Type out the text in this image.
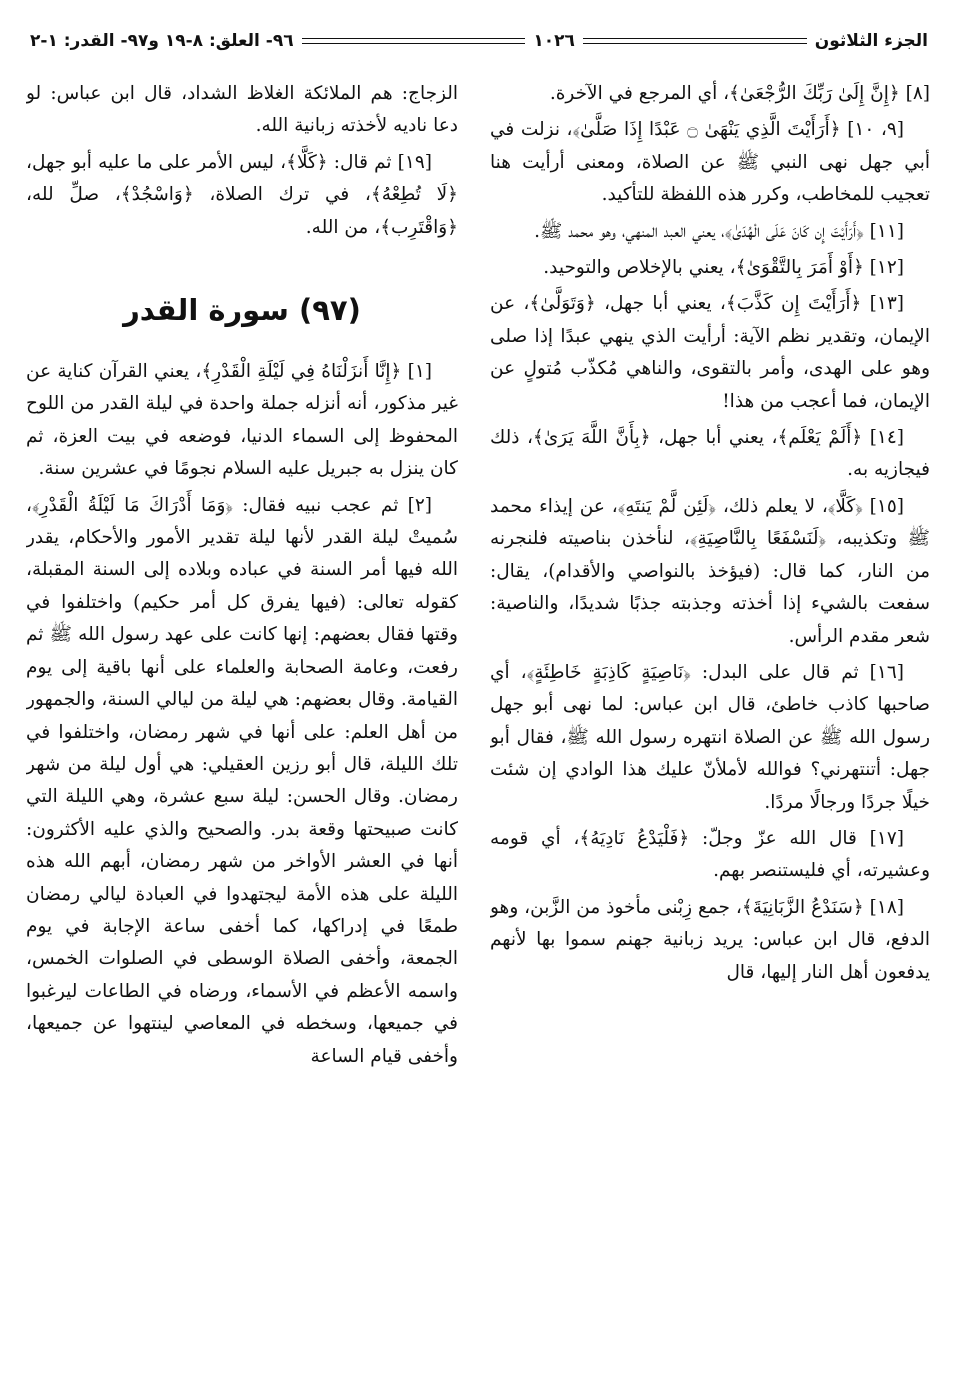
الجزء الثلاثون
١٠٢٦
٩٦- العلق: ٨-١٩ و٩٧- القدر: ١-٢

[٨] ﴿إِنَّ إِلَىٰ رَبِّكَ الرُّجْعَىٰ﴾، أي المرجع في الآخرة.

[٩، ١٠] ﴿أَرَأَيْتَ الَّذِي يَنْهَىٰ ۝ عَبْدًا إِذَا صَلَّىٰ﴾، نزلت في أبي جهل نهى النبي ﷺ عن الصلاة، ومعنى أرأيت هنا تعجيب للمخاطب، وكرر هذه اللفظة للتأكيد.

[١١] ﴿أَرَأَيْتَ إِن كَانَ عَلَى الْهُدَىٰ﴾، يعني العبد المنهي، وهو محمد ﷺ.

[١٢] ﴿أَوْ أَمَرَ بِالتَّقْوَىٰ﴾، يعني بالإخلاص والتوحيد.

[١٣] ﴿أَرَأَيْتَ إِن كَذَّبَ﴾، يعني أبا جهل، ﴿وَتَوَلَّىٰ﴾، عن الإيمان، وتقدير نظم الآية: أرأيت الذي ينهي عبدًا إذا صلى وهو على الهدى، وأمر بالتقوى، والناهي مُكذّب مُتولٍ عن الإيمان، فما أعجب من هذا!

[١٤] ﴿أَلَمْ يَعْلَم﴾، يعني أبا جهل، ﴿بِأَنَّ اللَّهَ يَرَىٰ﴾، ذلك فيجازيه به.

[١٥] ﴿كَلَّا﴾، لا يعلم ذلك، ﴿لَئِن لَّمْ يَنتَهِ﴾، عن إيذاء محمد ﷺ وتكذيبه، ﴿لَنَسْفَعًا بِالنَّاصِيَةِ﴾، لنأخذن بناصيته فلنجرنه من النار، كما قال: (فيؤخذ بالنواصي والأقدام)، يقال: سفعت بالشيء إذا أخذته وجذبته جذبًا شديدًا، والناصية: شعر مقدم الرأس.

[١٦] ثم قال على البدل: ﴿نَاصِيَةٍ كَاذِبَةٍ خَاطِئَةٍ﴾، أي صاحبها كاذب خاطئ، قال ابن عباس: لما نهى أبو جهل رسول الله ﷺ عن الصلاة انتهره رسول الله ﷺ، فقال أبو جهل: أتنتهرني؟ فوالله لأملأنّ عليك هذا الوادي إن شئت خيلًا جردًا ورجالًا مردًا.

[١٧] قال الله عزّ وجلّ: ﴿فَلْيَدْعُ نَادِيَهُ﴾، أي قومه وعشيرته، أي فليستنصر بهم.

[١٨] ﴿سَنَدْعُ الزَّبَانِيَةَ﴾، جمع زِبْنى مأخوذ من الزَّبن، وهو الدفع، قال ابن عباس: يريد زبانية جهنم سموا بها لأنهم يدفعون أهل النار إليها، قال

الزجاج: هم الملائكة الغلاظ الشداد، قال ابن عباس: لو دعا ناديه لأخذته زبانية الله.

[١٩] ثم قال: ﴿كَلَّا﴾، ليس الأمر على ما عليه أبو جهل، ﴿لَا تُطِعْهُ﴾، في ترك الصلاة، ﴿وَاسْجُدْ﴾، صلِّ لله، ﴿وَاقْتَرِب﴾، من الله.

(٩٧) سورة القدر

[١] ﴿إِنَّا أَنزَلْنَاهُ فِي لَيْلَةِ الْقَدْرِ﴾، يعني القرآن كناية عن غير مذكور، أنه أنزله جملة واحدة في ليلة القدر من اللوح المحفوظ إلى السماء الدنيا، فوضعه في بيت العزة، ثم كان ينزل به جبريل عليه السلام نجومًا في عشرين سنة.

[٢] ثم عجب نبيه فقال: ﴿وَمَا أَدْرَاكَ مَا لَيْلَةُ الْقَدْرِ﴾، سُميتْ ليلة القدر لأنها ليلة تقدير الأمور والأحكام، يقدر الله فيها أمر السنة في عباده وبلاده إلى السنة المقبلة، كقوله تعالى: (فيها يفرق كل أمر حكيم) واختلفوا في وقتها فقال بعضهم: إنها كانت على عهد رسول الله ﷺ ثم رفعت، وعامة الصحابة والعلماء على أنها باقية إلى يوم القيامة. وقال بعضهم: هي ليلة من ليالي السنة، والجمهور من أهل العلم: على أنها في شهر رمضان، واختلفوا في تلك الليلة، قال أبو رزين العقيلي: هي أول ليلة من شهر رمضان. وقال الحسن: ليلة سبع عشرة، وهي الليلة التي كانت صبيحتها وقعة بدر. والصحيح والذي عليه الأكثرون: أنها في العشر الأواخر من شهر رمضان، أبهم الله هذه الليلة على هذه الأمة ليجتهدوا في العبادة ليالي رمضان طمعًا في إدراكها، كما أخفى ساعة الإجابة في يوم الجمعة، وأخفى الصلاة الوسطى في الصلوات الخمس، واسمه الأعظم في الأسماء، ورضاه في الطاعات ليرغبوا في جميعها، وسخطه في المعاصي لينتهوا عن جميعها، وأخفى قيام الساعة
